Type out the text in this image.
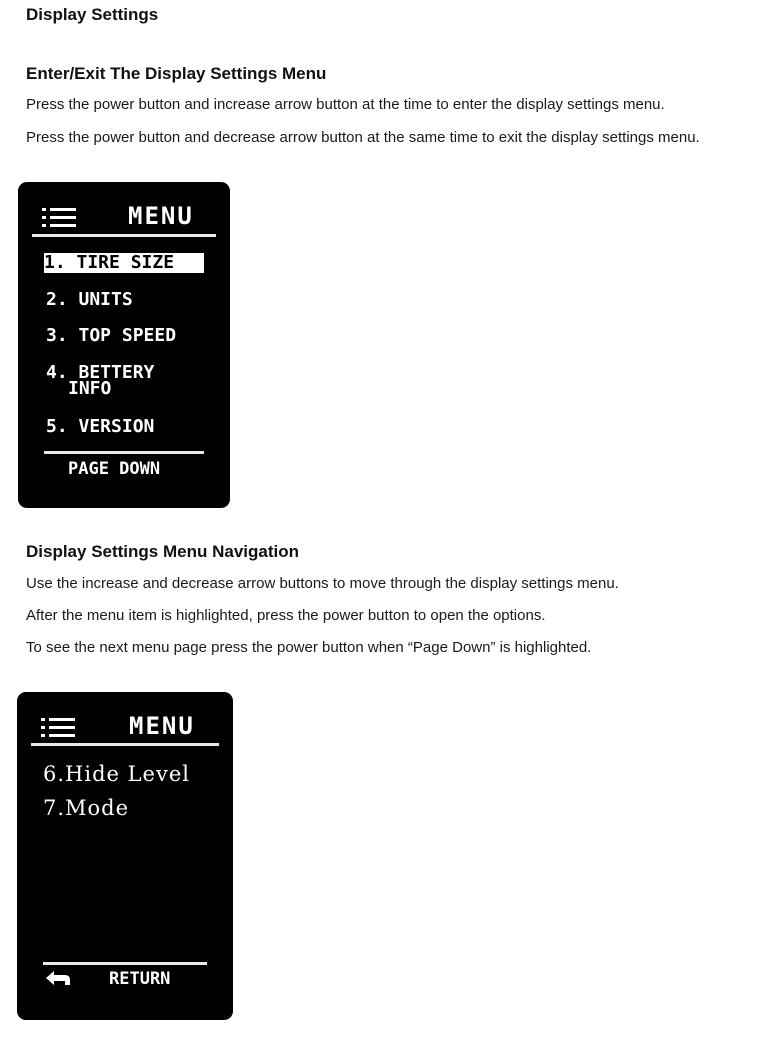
Display Settings
Enter/Exit The Display Settings Menu
Press the power button and increase arrow button at the time to enter the display settings menu.
Press the power button and decrease arrow button at the same time to exit the display settings menu.
MENU
1. TIRE SIZE
2. UNITS
3. TOP SPEED
4. BETTERY
INFO
5. VERSION
PAGE DOWN
Display Settings Menu Navigation
Use the increase and decrease arrow buttons to move through the display settings menu.
After the menu item is highlighted, press the power button to open the options.
To see the next menu page press the power button when “Page Down” is highlighted.
MENU
6.Hide Level
7.Mode
RETURN
